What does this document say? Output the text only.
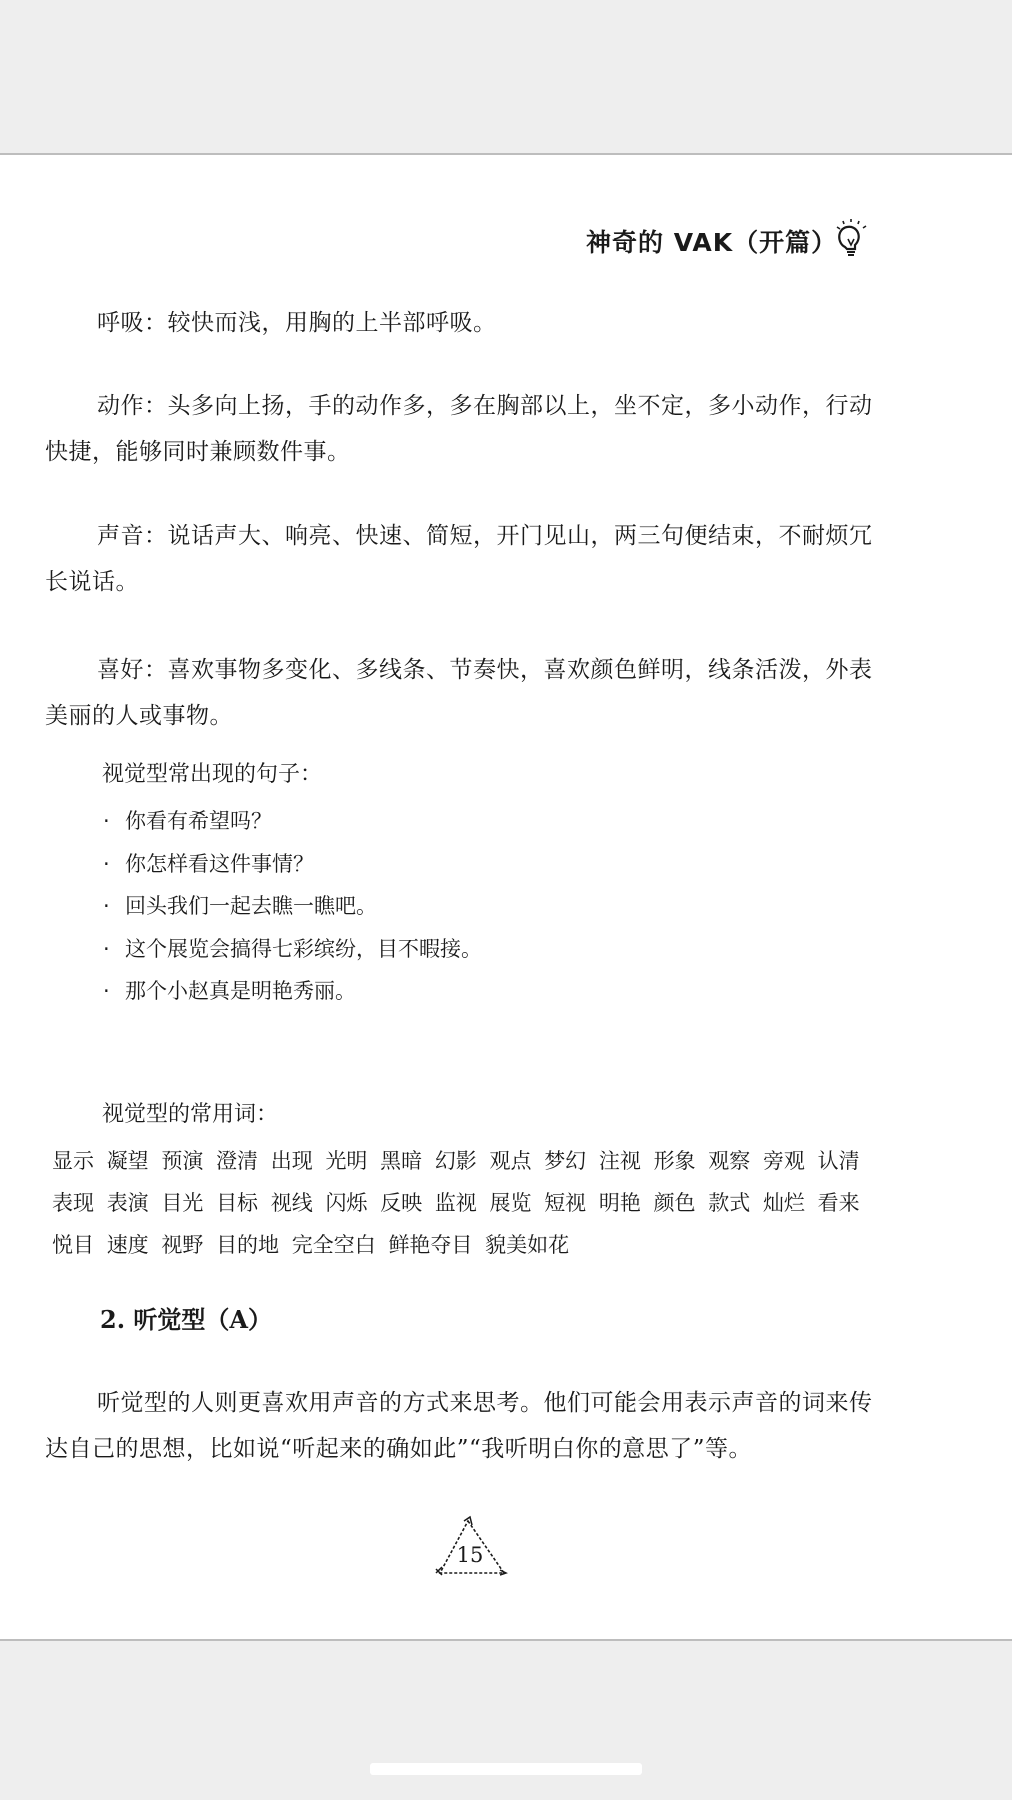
神奇的 VAK（开篇）
呼吸：较快而浅，用胸的上半部呼吸。
动作：头多向上扬，手的动作多，多在胸部以上，坐不定，多小动作，行动
快捷，能够同时兼顾数件事。
声音：说话声大、响亮、快速、简短，开门见山，两三句便结束，不耐烦冗
长说话。
喜好：喜欢事物多变化、多线条、节奏快，喜欢颜色鲜明，线条活泼，外表
美丽的人或事物。
视觉型常出现的句子：
· 你看有希望吗？
· 你怎样看这件事情？
· 回头我们一起去瞧一瞧吧。
· 这个展览会搞得七彩缤纷，目不暇接。
· 那个小赵真是明艳秀丽。
视觉型的常用词：
显示 凝望 预演 澄清 出现 光明 黑暗 幻影 观点 梦幻 注视 形象 观察 旁观 认清 表现 表演 目光 目标 视线 闪烁 反映 监视 展览 短视 明艳 颜色 款式 灿烂 看来 悦目 速度 视野 目的地 完全空白 鲜艳夺目 貌美如花
2. 听觉型（A）
听觉型的人则更喜欢用声音的方式来思考。他们可能会用表示声音的词来传
达自己的思想，比如说“听起来的确如此”“我听明白你的意思了”等。
15
